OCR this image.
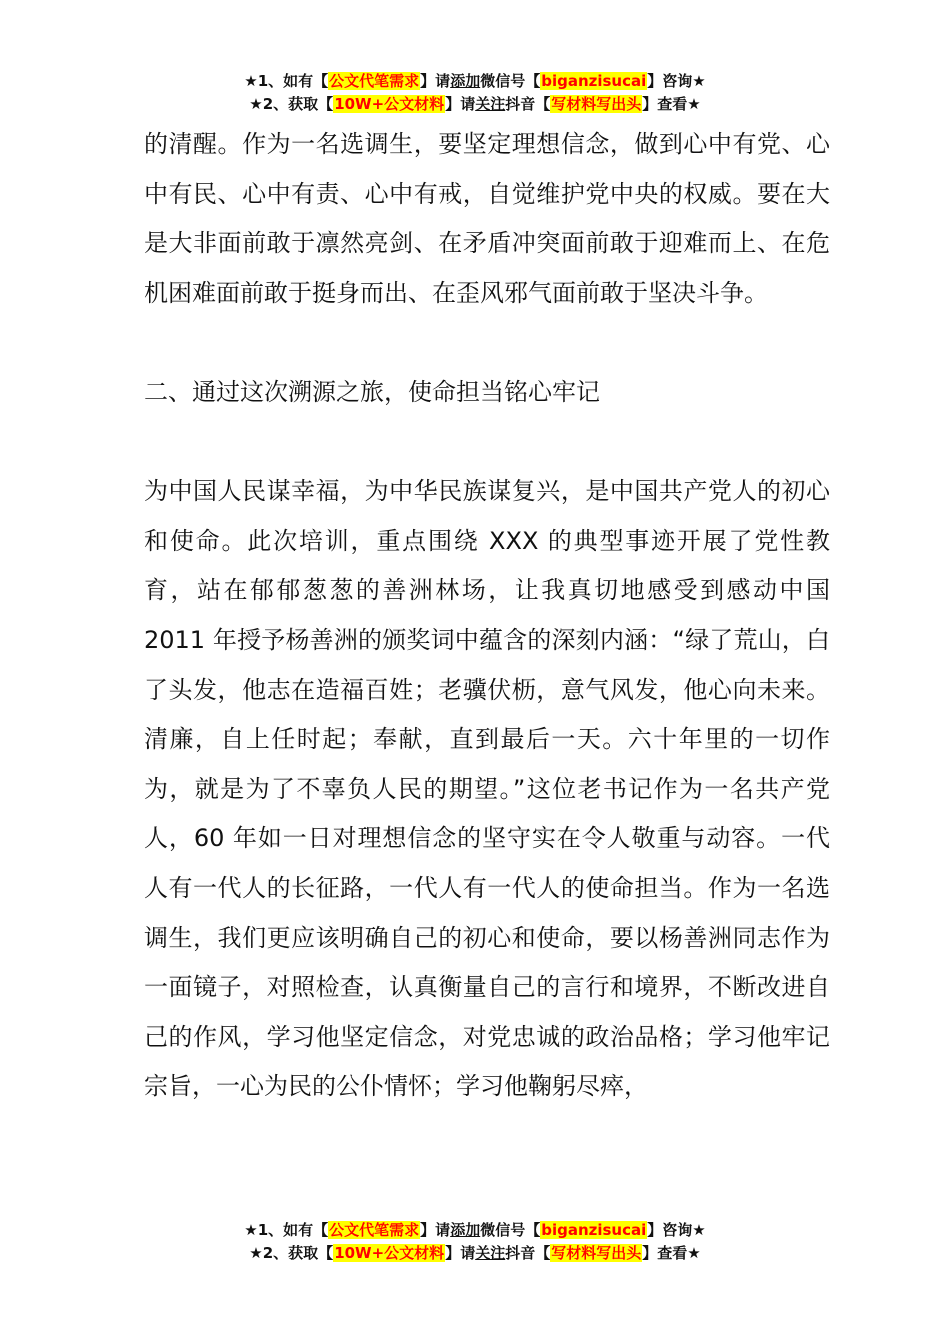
★1、如有【公文代笔需求】请添加微信号【biganzisucai】咨询★
★2、获取【10W+公文材料】请关注抖音【写材料写出头】查看★

的清醒。作为一名选调生，要坚定理想信念，做到心中有党、心中有民、心中有责、心中有戒，自觉维护党中央的权威。要在大是大非面前敢于凛然亮剑、在矛盾冲突面前敢于迎难而上、在危机困难面前敢于挺身而出、在歪风邪气面前敢于坚决斗争。

二、通过这次溯源之旅，使命担当铭心牢记

为中国人民谋幸福，为中华民族谋复兴，是中国共产党人的初心和使命。此次培训，重点围绕 XXX 的典型事迹开展了党性教育，站在郁郁葱葱的善洲林场，让我真切地感受到感动中国 2011 年授予杨善洲的颁奖词中蕴含的深刻内涵：“绿了荒山，白了头发，他志在造福百姓；老骥伏枥，意气风发，他心向未来。清廉，自上任时起；奉献，直到最后一天。六十年里的一切作为，就是为了不辜负人民的期望。”这位老书记作为一名共产党人，60 年如一日对理想信念的坚守实在令人敬重与动容。一代人有一代人的长征路，一代人有一代人的使命担当。作为一名选调生，我们更应该明确自己的初心和使命，要以杨善洲同志作为一面镜子，对照检查，认真衡量自己的言行和境界，不断改进自己的作风，学习他坚定信念，对党忠诚的政治品格；学习他牢记宗旨，一心为民的公仆情怀；学习他鞠躬尽瘁，

★1、如有【公文代笔需求】请添加微信号【biganzisucai】咨询★
★2、获取【10W+公文材料】请关注抖音【写材料写出头】查看★
